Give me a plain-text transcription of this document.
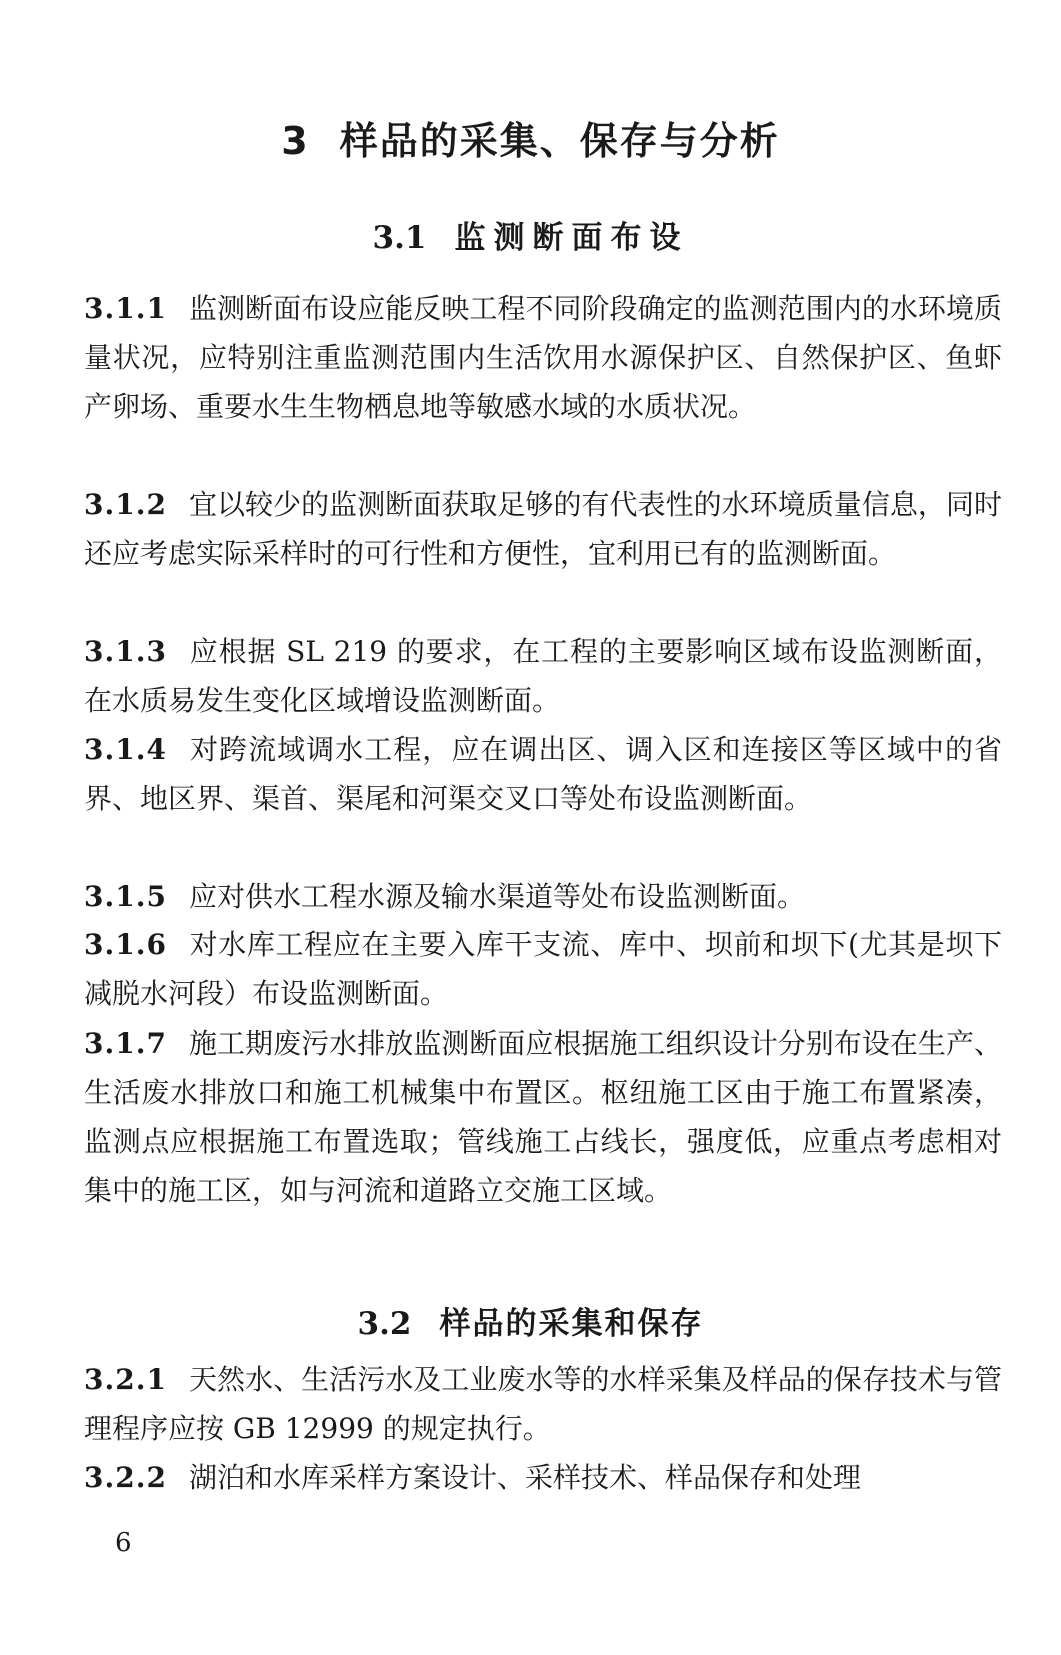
3 样品的采集、保存与分析
3.1 监测断面布设

3.1.1 监测断面布设应能反映工程不同阶段确定的监测范围内的水环境质量状况，应特别注重监测范围内生活饮用水源保护区、自然保护区、鱼虾产卵场、重要水生生物栖息地等敏感水域的水质状况。

3.1.2 宜以较少的监测断面获取足够的有代表性的水环境质量信息，同时还应考虑实际采样时的可行性和方便性，宜利用已有的监测断面。

3.1.3 应根据 SL 219 的要求，在工程的主要影响区域布设监测断面，在水质易发生变化区域增设监测断面。

3.1.4 对跨流域调水工程，应在调出区、调入区和连接区等区域中的省界、地区界、渠首、渠尾和河渠交叉口等处布设监测断面。

3.1.5 应对供水工程水源及输水渠道等处布设监测断面。

3.1.6 对水库工程应在主要入库干支流、库中、坝前和坝下(尤其是坝下减脱水河段）布设监测断面。

3.1.7 施工期废污水排放监测断面应根据施工组织设计分别布设在生产、生活废水排放口和施工机械集中布置区。枢纽施工区由于施工布置紧凑，监测点应根据施工布置选取；管线施工占线长，强度低，应重点考虑相对集中的施工区，如与河流和道路立交施工区域。

3.2 样品的采集和保存

3.2.1 天然水、生活污水及工业废水等的水样采集及样品的保存技术与管理程序应按 GB 12999 的规定执行。

3.2.2 湖泊和水库采样方案设计、采样技术、样品保存和处理

6
